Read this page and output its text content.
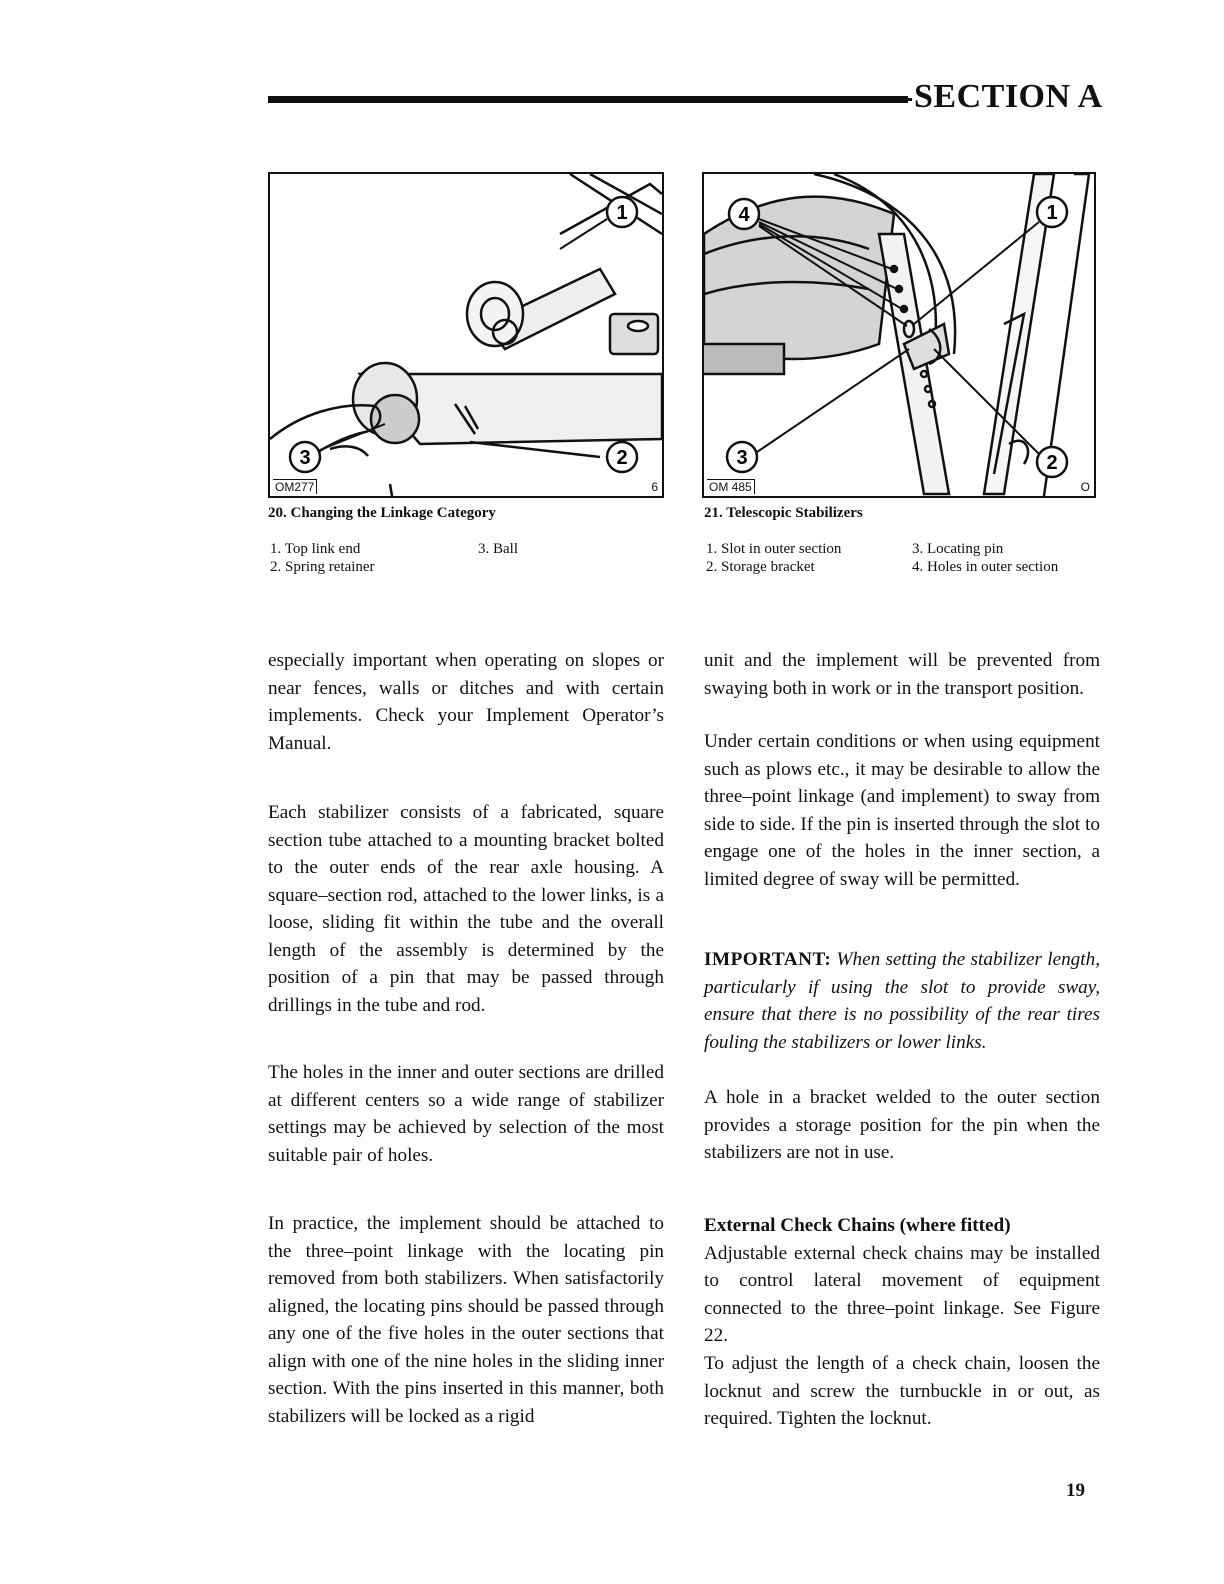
SECTION A
1
2
3
OM277	6
20. Changing the Linkage Category
1. Top link end
2. Spring retainer
3. Ball
4	1
3	2
OM 485	O
21. Telescopic Stabilizers
1. Slot in outer section
2. Storage bracket
3. Locating pin
4. Holes in outer section

especially important when operating on slopes or near fences, walls or ditches and with certain implements. Check your Implement Operator’s Manual.

Each stabilizer consists of a fabricated, square section tube attached to a mounting bracket bolted to the outer ends of the rear axle housing. A square–section rod, attached to the lower links, is a loose, sliding fit within the tube and the overall length of the assembly is determined by the position of a pin that may be passed through drillings in the tube and rod.

The holes in the inner and outer sections are drilled at different centers so a wide range of stabilizer settings may be achieved by selection of the most suitable pair of holes.

In practice, the implement should be attached to the three–point linkage with the locating pin removed from both stabilizers. When satisfactorily aligned, the locating pins should be passed through any one of the five holes in the outer sections that align with one of the nine holes in the sliding inner section. With the pins inserted in this manner, both stabilizers will be locked as a rigid

unit and the implement will be prevented from swaying both in work or in the transport position.

Under certain conditions or when using equipment such as plows etc., it may be desirable to allow the three–point linkage (and implement) to sway from side to side. If the pin is inserted through the slot to engage one of the holes in the inner section, a limited degree of sway will be permitted.

IMPORTANT: When setting the stabilizer length, particularly if using the slot to provide sway, ensure that there is no possibility of the rear tires fouling the stabilizers or lower links.

A hole in a bracket welded to the outer section provides a storage position for the pin when the stabilizers are not in use.

External Check Chains (where fitted)

Adjustable external check chains may be installed to control lateral movement of equipment connected to the three–point linkage. See Figure 22.

To adjust the length of a check chain, loosen the locknut and screw the turnbuckle in or out, as required. Tighten the locknut.

19
